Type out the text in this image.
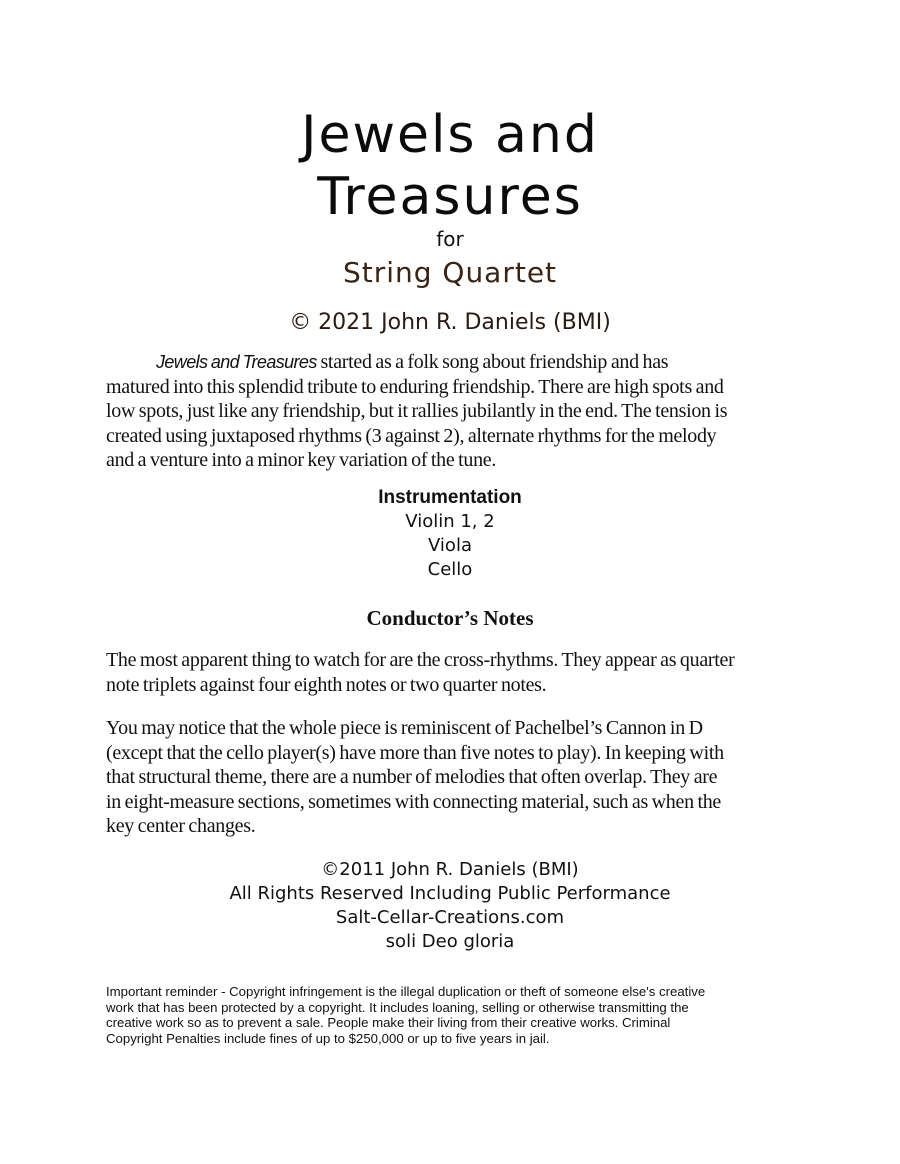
Jewels and
Treasures
for
String Quartet
© 2021 John R. Daniels (BMI)
Jewels and Treasures started as a folk song about friendship and has
matured into this splendid tribute to enduring friendship. There are high spots and
low spots, just like any friendship, but it rallies jubilantly in the end. The tension is
created using juxtaposed rhythms (3 against 2), alternate rhythms for the melody
and a venture into a minor key variation of the tune.
Instrumentation
Violin 1, 2
Viola
Cello
Conductor’s Notes
The most apparent thing to watch for are the cross-rhythms. They appear as quarter
note triplets against four eighth notes or two quarter notes.
You may notice that the whole piece is reminiscent of Pachelbel’s Cannon in D
(except that the cello player(s) have more than five notes to play). In keeping with
that structural theme, there are a number of melodies that often overlap. They are
in eight-measure sections, sometimes with connecting material, such as when the
key center changes.
©2011 John R. Daniels (BMI)
All Rights Reserved Including Public Performance
Salt-Cellar-Creations.com
soli Deo gloria
Important reminder - Copyright infringement is the illegal duplication or theft of someone else's creative
work that has been protected by a copyright. It includes loaning, selling or otherwise transmitting the
creative work so as to prevent a sale. People make their living from their creative works. Criminal
Copyright Penalties include fines of up to $250,000 or up to five years in jail.
